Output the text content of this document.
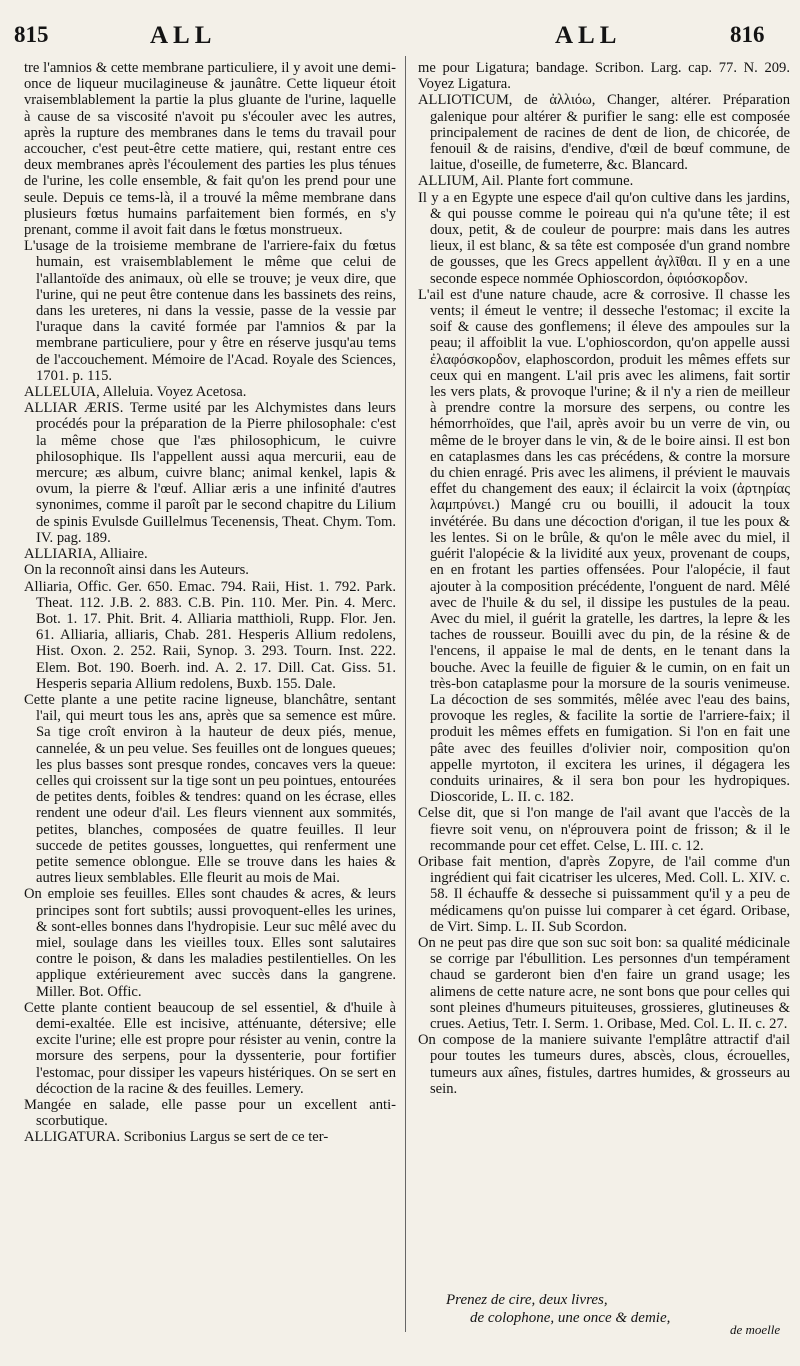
815	ALL	ALL	816

tre l'amnios & cette membrane particuliere, il y avoit une demi-once de liqueur mucilagineuse & jaunâtre. Cette liqueur étoit vraisemblablement la partie la plus gluante de l'urine, laquelle à cause de sa viscosité n'avoit pu s'écouler avec les autres, après la rupture des membranes dans le tems du travail pour accoucher, c'est peut-être cette matiere, qui, restant entre ces deux membranes après l'écoulement des parties les plus ténues de l'urine, les colle ensemble, & fait qu'on les prend pour une seule. Depuis ce tems-là, il a trouvé la même membrane dans plusieurs fœtus humains parfaitement bien formés, en s'y prenant, comme il avoit fait dans le fœtus monstrueux.

L'usage de la troisieme membrane de l'arriere-faix du fœtus humain, est vraisemblablement le même que celui de l'allantoïde des animaux, où elle se trouve; je veux dire, que l'urine, qui ne peut être contenue dans les bassinets des reins, dans les ureteres, ni dans la vessie, passe de la vessie par l'uraque dans la cavité formée par l'amnios & par la membrane particuliere, pour y être en réserve jusqu'au tems de l'accouchement. Mémoire de l'Acad. Royale des Sciences, 1701. p. 115.

ALLELUIA, Alleluia. Voyez Acetosa.

ALLIAR ÆRIS. Terme usité par les Alchymistes dans leurs procédés pour la préparation de la Pierre philosophale: c'est la même chose que l'æs philosophicum, le cuivre philosophique. Ils l'appellent aussi aqua mercurii, eau de mercure; æs album, cuivre blanc; animal kenkel, lapis & ovum, la pierre & l'œuf. Alliar æris a une infinité d'autres synonimes, comme il paroît par le second chapitre du Lilium de spinis Evulsde Guillelmus Tecenensis, Theat. Chym. Tom. IV. pag. 189.

ALLIARIA, Alliaire.

On la reconnoît ainsi dans les Auteurs.

Alliaria, Offic. Ger. 650. Emac. 794. Raii, Hist. 1. 792. Park. Theat. 112. J.B. 2. 883. C.B. Pin. 110. Mer. Pin. 4. Merc. Bot. 1. 17. Phit. Brit. 4. Alliaria matthioli, Rupp. Flor. Jen. 61. Alliaria, alliaris, Chab. 281. Hesperis Allium redolens, Hist. Oxon. 2. 252. Raii, Synop. 3. 293. Tourn. Inst. 222. Elem. Bot. 190. Boerh. ind. A. 2. 17. Dill. Cat. Giss. 51. Hesperis separia Allium redolens, Buxb. 155. Dale.

Cette plante a une petite racine ligneuse, blanchâtre, sentant l'ail, qui meurt tous les ans, après que sa semence est mûre. Sa tige croît environ à la hauteur de deux piés, menue, cannelée, & un peu velue. Ses feuilles ont de longues queues; les plus basses sont presque rondes, concaves vers la queue: celles qui croissent sur la tige sont un peu pointues, entourées de petites dents, foibles & tendres: quand on les écrase, elles rendent une odeur d'ail. Les fleurs viennent aux sommités, petites, blanches, composées de quatre feuilles. Il leur succede de petites gousses, longuettes, qui renferment une petite semence oblongue. Elle se trouve dans les haies & autres lieux semblables. Elle fleurit au mois de Mai.

On emploie ses feuilles. Elles sont chaudes & acres, & leurs principes sont fort subtils; aussi provoquent-elles les urines, & sont-elles bonnes dans l'hydropisie. Leur suc mêlé avec du miel, soulage dans les vieilles toux. Elles sont salutaires contre le poison, & dans les maladies pestilentielles. On les applique extérieurement avec succès dans la gangrene. Miller. Bot. Offic.

Cette plante contient beaucoup de sel essentiel, & d'huile à demi-exaltée. Elle est incisive, atténuante, détersive; elle excite l'urine; elle est propre pour résister au venin, contre la morsure des serpens, pour la dyssenterie, pour fortifier l'estomac, pour dissiper les vapeurs histériques. On se sert en décoction de la racine & des feuilles. Lemery.

Mangée en salade, elle passe pour un excellent anti-scorbutique.

ALLIGATURA. Scribonius Largus se sert de ce ter-

me pour Ligatura; bandage. Scribon. Larg. cap. 77. N. 209. Voyez Ligatura.

ALLIOTICUM, de ἀλλιόω, Changer, altérer. Préparation galenique pour altérer & purifier le sang: elle est composée principalement de racines de dent de lion, de chicorée, de fenouil & de raisins, d'endive, d'œil de bœuf commune, de laitue, d'oseille, de fumeterre, &c. Blancard.

ALLIUM, Ail. Plante fort commune.

Il y a en Egypte une espece d'ail qu'on cultive dans les jardins, & qui pousse comme le poireau qui n'a qu'une tête; il est doux, petit, & de couleur de pourpre: mais dans les autres lieux, il est blanc, & sa tête est composée d'un grand nombre de gousses, que les Grecs appellent ἀγλῖθαι. Il y en a une seconde espece nommée Ophioscordon, ὀφιόσκορδον.

L'ail est d'une nature chaude, acre & corrosive. Il chasse les vents; il émeut le ventre; il desseche l'estomac; il excite la soif & cause des gonflemens; il éleve des ampoules sur la peau; il affoiblit la vue. L'ophioscordon, qu'on appelle aussi ἐλαφόσκορδον, elaphoscordon, produit les mêmes effets sur ceux qui en mangent. L'ail pris avec les alimens, fait sortir les vers plats, & provoque l'urine; & il n'y a rien de meilleur à prendre contre la morsure des serpens, ou contre les hémorrhoïdes, que l'ail, après avoir bu un verre de vin, ou même de le broyer dans le vin, & de le boire ainsi. Il est bon en cataplasmes dans les cas précédens, & contre la morsure du chien enragé. Pris avec les alimens, il prévient le mauvais effet du changement des eaux; il éclaircit la voix (ἀρτηρίας λαμπρύνει.) Mangé cru ou bouilli, il adoucit la toux invétérée. Bu dans une décoction d'origan, il tue les poux & les lentes. Si on le brûle, & qu'on le mêle avec du miel, il guérit l'alopécie & la lividité aux yeux, provenant de coups, en en frotant les parties offensées. Pour l'alopécie, il faut ajouter à la composition précédente, l'onguent de nard. Mêlé avec de l'huile & du sel, il dissipe les pustules de la peau. Avec du miel, il guérit la gratelle, les dartres, la lepre & les taches de rousseur. Bouilli avec du pin, de la résine & de l'encens, il appaise le mal de dents, en le tenant dans la bouche. Avec la feuille de figuier & le cumin, on en fait un très-bon cataplasme pour la morsure de la souris venimeuse. La décoction de ses sommités, mêlée avec l'eau des bains, provoque les regles, & facilite la sortie de l'arriere-faix; il produit les mêmes effets en fumigation. Si l'on en fait une pâte avec des feuilles d'olivier noir, composition qu'on appelle myrtoton, il excitera les urines, il dégagera les conduits urinaires, & il sera bon pour les hydropiques. Dioscoride, L. II. c. 182.

Celse dit, que si l'on mange de l'ail avant que l'accès de la fievre soit venu, on n'éprouvera point de frisson; & il le recommande pour cet effet. Celse, L. III. c. 12.

Oribase fait mention, d'après Zopyre, de l'ail comme d'un ingrédient qui fait cicatriser les ulceres, Med. Coll. L. XIV. c. 58. Il échauffe & desseche si puissamment qu'il y a peu de médicamens qu'on puisse lui comparer à cet égard. Oribase, de Virt. Simp. L. II. Sub Scordon.

On ne peut pas dire que son suc soit bon: sa qualité médicinale se corrige par l'ébullition. Les personnes d'un tempérament chaud se garderont bien d'en faire un grand usage; les alimens de cette nature acre, ne sont bons que pour celles qui sont pleines d'humeurs pituiteuses, grossieres, glutineuses & crues. Aetius, Tetr. I. Serm. 1. Oribase, Med. Col. L. II. c. 27.

On compose de la maniere suivante l'emplâtre attractif d'ail pour toutes les tumeurs dures, abscès, clous, écrouelles, tumeurs aux aînes, fistules, dartres humides, & grosseurs au sein.

Prenez de cire, deux livres,
de colophone, une once & demie,
de moelle
